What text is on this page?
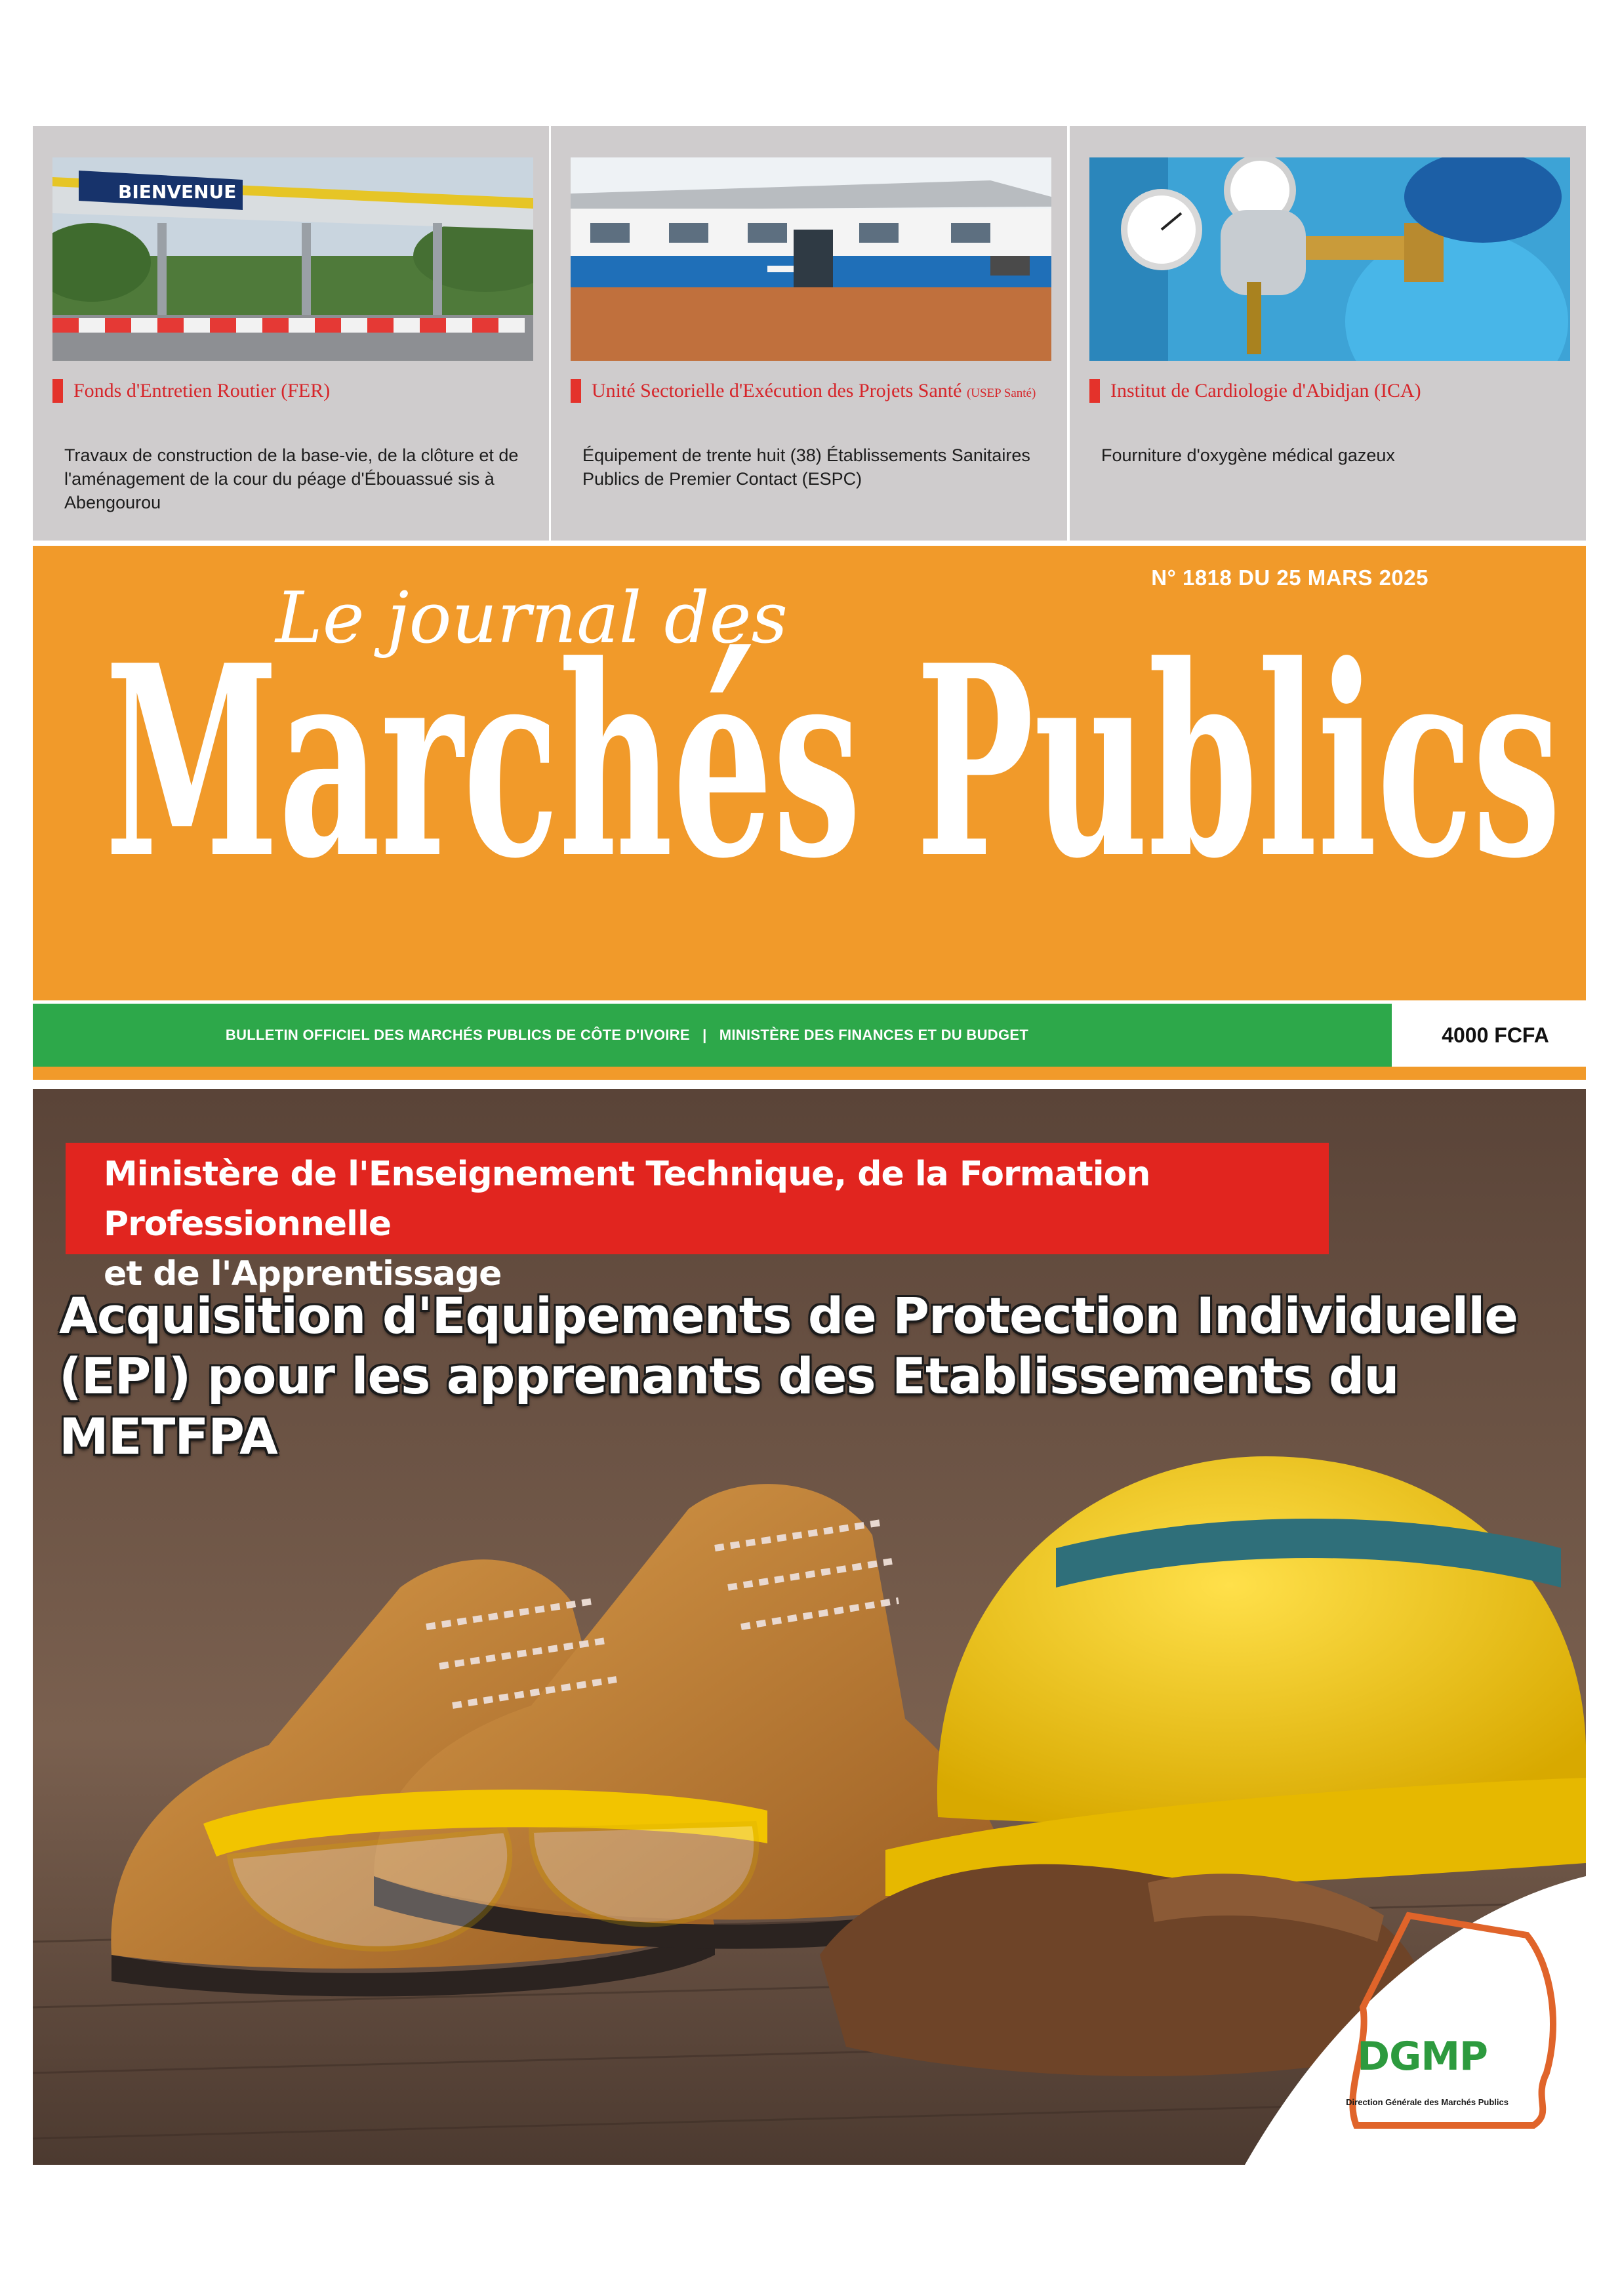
BIENVENUE
Fonds d'Entretien Routier (FER)
Travaux de construction de la base-vie, de la clôture et de l'aménagement de la cour du péage d'Ébouassué sis à Abengourou
Unité Sectorielle d'Exécution des Projets Santé (USEP Santé)
Équipement de trente huit (38) Établissements Sanitaires Publics de Premier Contact (ESPC)
Institut de Cardiologie d'Abidjan (ICA)
Fourniture d'oxygène médical gazeux
N° 1818 DU 25 MARS 2025
Le journal des
Marchés Publics
BULLETIN OFFICIEL DES MARCHÉS PUBLICS DE CÔTE D'IVOIRE   |   MINISTÈRE DES FINANCES ET DU BUDGET	4000 FCFA
Ministère de l'Enseignement Technique, de la Formation Professionnelle
et de l'Apprentissage
Acquisition d'Equipements de Protection Individuelle
(EPI) pour les apprenants des Etablissements du
METFPA
DGMP
Direction Générale des Marchés Publics
